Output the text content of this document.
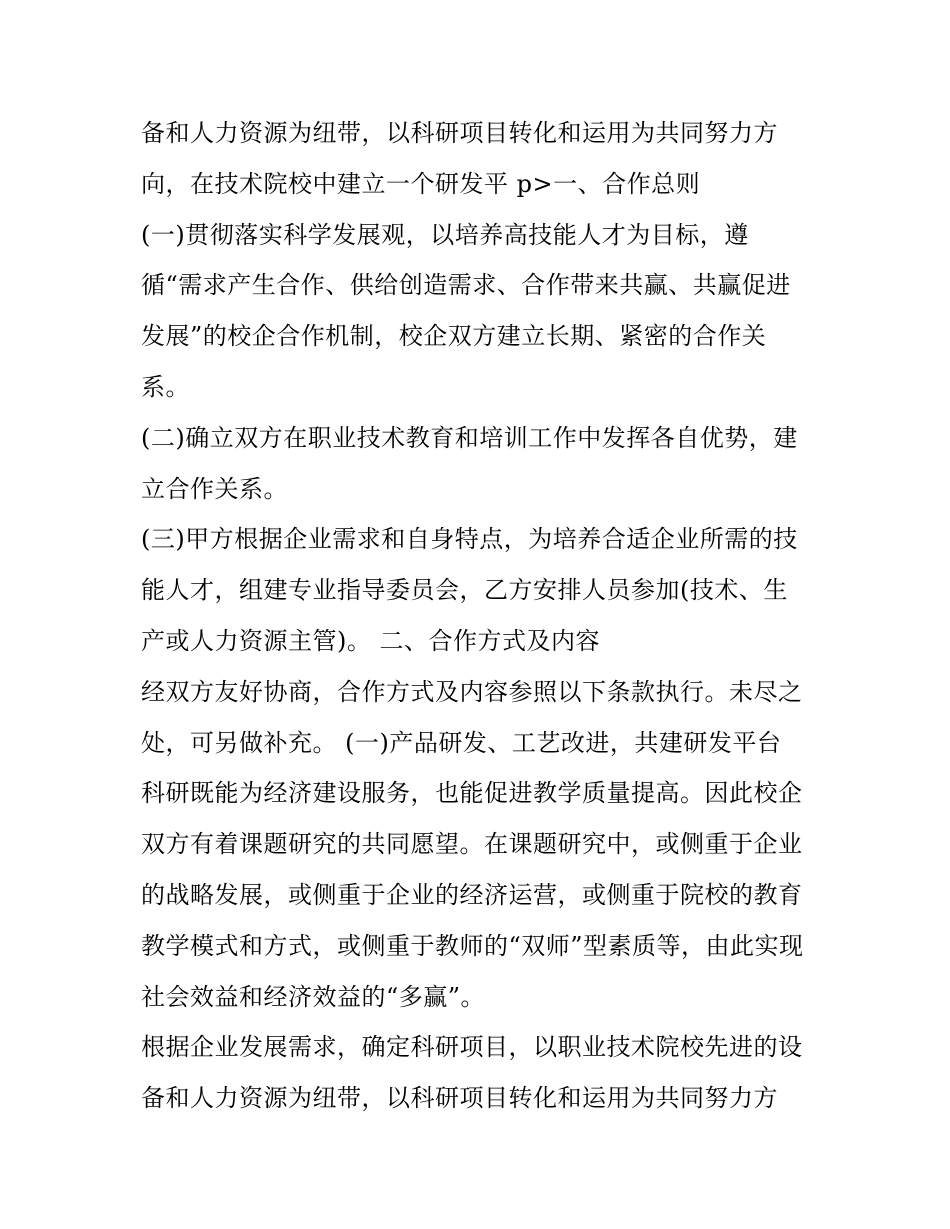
备和人力资源为纽带，以科研项目转化和运用为共同努力方
向，在技术院校中建立一个研发平 p>一、合作总则
(一)贯彻落实科学发展观，以培养高技能人才为目标，遵
循“需求产生合作、供给创造需求、合作带来共赢、共赢促进
发展”的校企合作机制，校企双方建立长期、紧密的合作关
系。
(二)确立双方在职业技术教育和培训工作中发挥各自优势，建
立合作关系。
(三)甲方根据企业需求和自身特点，为培养合适企业所需的技
能人才，组建专业指导委员会，乙方安排人员参加(技术、生
产或人力资源主管)。 二、合作方式及内容
经双方友好协商，合作方式及内容参照以下条款执行。未尽之
处，可另做补充。 (一)产品研发、工艺改进，共建研发平台
科研既能为经济建设服务，也能促进教学质量提高。因此校企
双方有着课题研究的共同愿望。在课题研究中，或侧重于企业
的战略发展，或侧重于企业的经济运营，或侧重于院校的教育
教学模式和方式，或侧重于教师的“双师”型素质等，由此实现
社会效益和经济效益的“多赢”。
根据企业发展需求，确定科研项目，以职业技术院校先进的设
备和人力资源为纽带，以科研项目转化和运用为共同努力方
